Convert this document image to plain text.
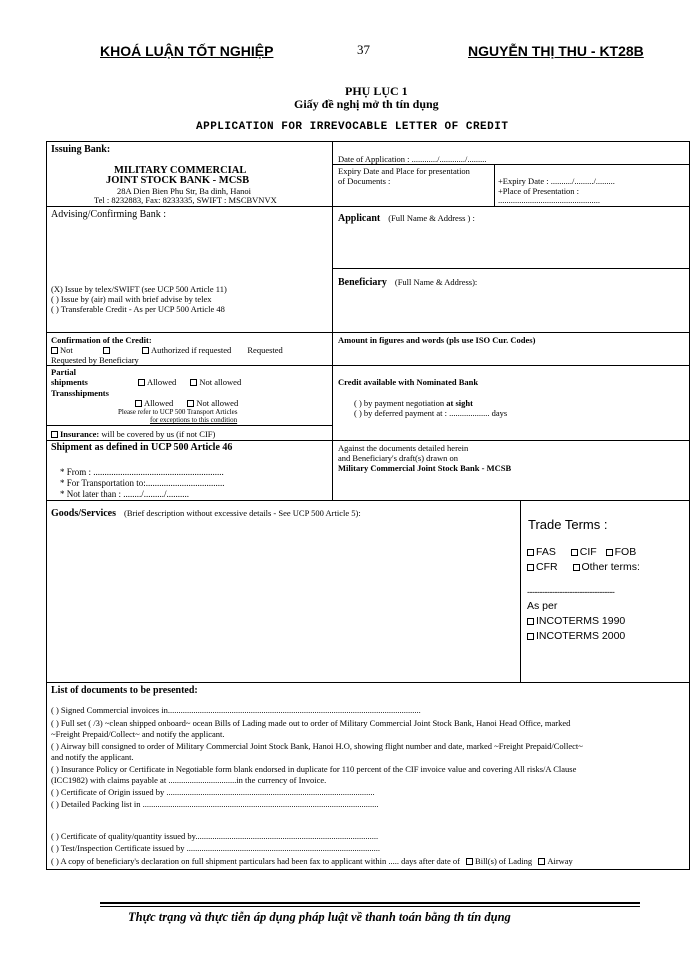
KHOÁ LUẬN TỐT NGHIỆP	37	NGUYỄN THỊ THU - KT28B
PHỤ LỤC 1
Giấy đề nghị mở th tín dụng
APPLICATION FOR IRREVOCABLE LETTER OF CREDIT
Issuing Bank:
MILITARY COMMERCIAL
JOINT STOCK BANK - MCSB
28A Dien Bien Phu Str, Ba dinh, Hanoi
Tel : 8232883, Fax: 8233335, SWIFT : MSCBVNVX
Date of Application : ............/............/.........
Expiry Date and Place for presentation
of Documents :	+Expiry Date : ........../........./.........
+Place of Presentation :
................................................
Advising/Confirming Bank :	Applicant (Full Name & Address ) :
(X) Issue by telex/SWIFT (see UCP 500 Article 11)
( ) Issue by (air) mail with brief advise by telex
( ) Transferable Credit - As per UCP 500 Article 48
Beneficiary (Full Name & Address):
Confirmation of the Credit:
Not	Authorized if requested Requested
Requested by Beneficiary
Amount in figures and words (pls use ISO Cur. Codes)
Partial
shipments	Allowed	Not allowed
Transshipments
Allowed	Not allowed
Please refer to UCP 500 Transport Articles
for exceptions to this condition
Insurance: will be covered by us (if not CIF)
Credit available with Nominated Bank
( ) by payment negotiation at sight
( ) by deferred payment at : ................... days
Shipment as defined in UCP 500 Article 46
* From : ..........................................................
* For Transportation to:...................................
* Not later than : ......../........./..........
Against the documents detailed herein
and Beneficiary's draft(s) drawn on
Military Commercial Joint Stock Bank - MCSB
Goods/Services (Brief description without excessive details - See UCP 500 Article 5):
Trade Terms :
FAS CIF FOB
CFR Other terms:
-----------------------------------
As per
INCOTERMS 1990
INCOTERMS 2000
List of documents to be presented:
( ) Signed Commercial invoices in.......................................................................................................................
( ) Full set ( /3) ~clean shipped onboard~ ocean Bills of Lading made out to order of Military Commercial Joint Stock Bank, Hanoi Head Office, marked
~Freight Prepaid/Collect~ and notify the applicant.
( ) Airway bill consigned to order of Military Commercial Joint Stock Bank, Hanoi H.O, showing flight number and date, marked ~Freight Prepaid/Collect~
and notify the applicant.
( ) Insurance Policy or Certificate in Negotiable form blank endorsed in duplicate for 110 percent of the CIF invoice value and covering All risks/A Clause
(ICC1982) with claims payable at ................................in the currency of Invoice.
( ) Certificate of Origin issued by ..................................................................................................
( ) Detailed Packing list in ...............................................................................................................
( ) Certificate of quality/quantity issued by......................................................................................
( ) Test/Inspection Certificate issued by ...........................................................................................
( ) A copy of beneficiary's declaration on full shipment particulars had been fax to applicant within ..... days after date of Bill(s) of Lading Airway
Thực trạng và thực tiễn áp dụng pháp luật về thanh toán bằng th tín dụng
